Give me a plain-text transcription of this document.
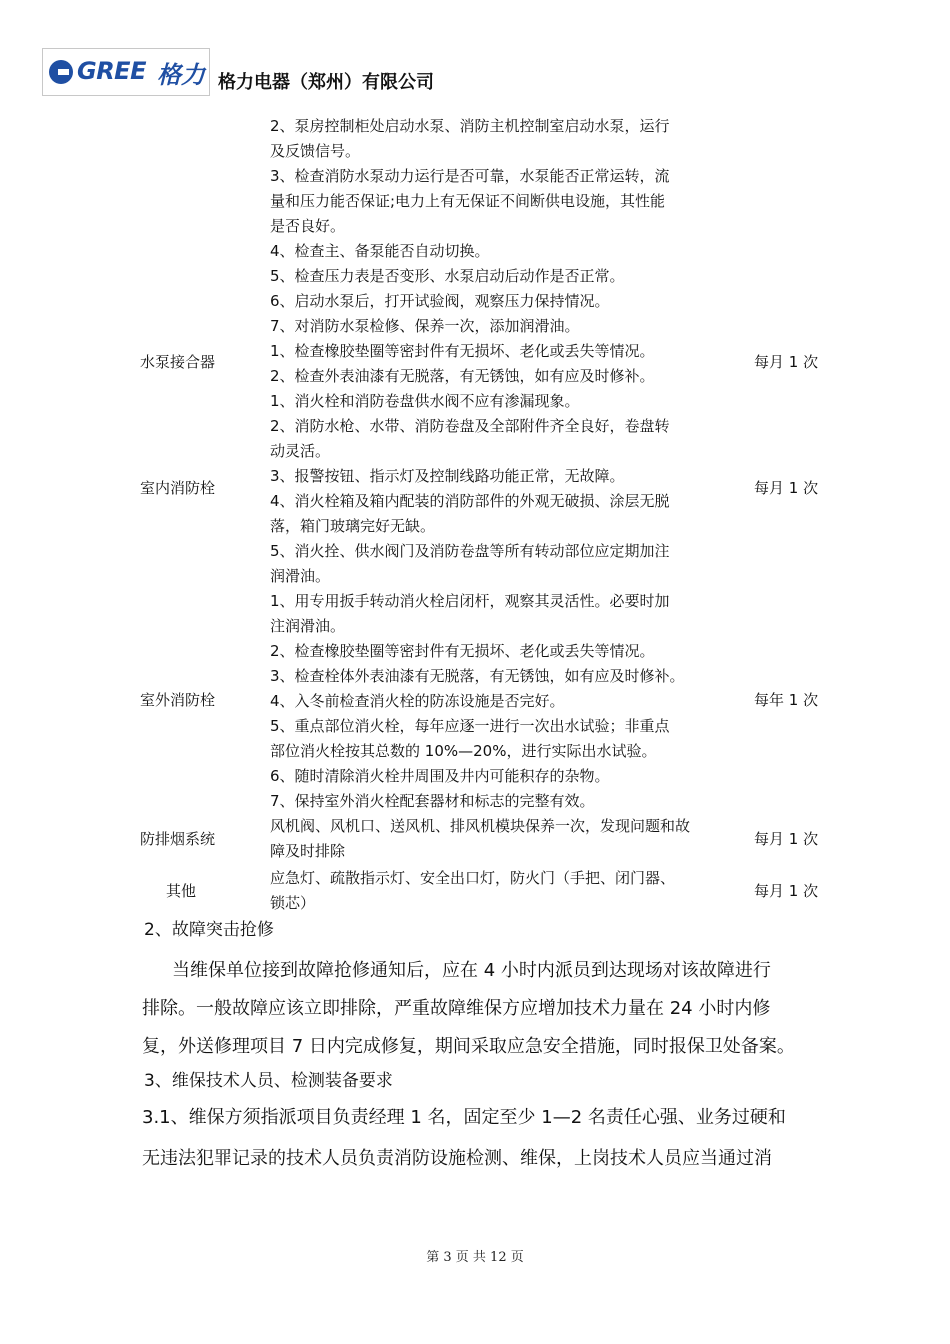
GREE 格力 格力电器（郑州）有限公司
2、泵房控制柜处启动水泵、消防主机控制室启动水泵，运行
及反馈信号。
3、检查消防水泵动力运行是否可靠，水泵能否正常运转，流
量和压力能否保证;电力上有无保证不间断供电设施，其性能
是否良好。
4、检查主、备泵能否自动切换。
5、检查压力表是否变形、水泵启动后动作是否正常。
6、启动水泵后，打开试验阀，观察压力保持情况。
7、对消防水泵检修、保养一次，添加润滑油。
水泵接合器
1、检查橡胶垫圈等密封件有无损坏、老化或丢失等情况。
2、检查外表油漆有无脱落，有无锈蚀，如有应及时修补。
每月 1 次
室内消防栓
1、消火栓和消防卷盘供水阀不应有渗漏现象。
2、消防水枪、水带、消防卷盘及全部附件齐全良好，卷盘转
动灵活。
3、报警按钮、指示灯及控制线路功能正常，无故障。
4、消火栓箱及箱内配装的消防部件的外观无破损、涂层无脱
落，箱门玻璃完好无缺。
5、消火拴、供水阀门及消防卷盘等所有转动部位应定期加注
润滑油。
每月 1 次
室外消防栓
1、用专用扳手转动消火栓启闭杆，观察其灵活性。必要时加
注润滑油。
2、检查橡胶垫圈等密封件有无损坏、老化或丢失等情况。
3、检查栓体外表油漆有无脱落，有无锈蚀，如有应及时修补。
4、入冬前检查消火栓的防冻设施是否完好。
5、重点部位消火栓，每年应逐一进行一次出水试验；非重点
部位消火栓按其总数的 10%—20%，进行实际出水试验。
6、随时清除消火栓井周围及井内可能积存的杂物。
7、保持室外消火栓配套器材和标志的完整有效。
每年 1 次
防排烟系统
风机阀、风机口、送风机、排风机模块保养一次，发现问题和故
障及时排除
每月 1 次
其他
应急灯、疏散指示灯、安全出口灯，防火门（手把、闭门器、
锁芯）
每月 1 次
2、故障突击抢修
当维保单位接到故障抢修通知后，应在 4 小时内派员到达现场对该故障进行
排除。一般故障应该立即排除，严重故障维保方应增加技术力量在 24 小时内修
复，外送修理项目 7 日内完成修复，期间采取应急安全措施，同时报保卫处备案。
3、维保技术人员、检测装备要求
3.1、维保方须指派项目负责经理 1 名，固定至少 1—2 名责任心强、业务过硬和
无违法犯罪记录的技术人员负责消防设施检测、维保，上岗技术人员应当通过消
第 3 页 共 12 页
